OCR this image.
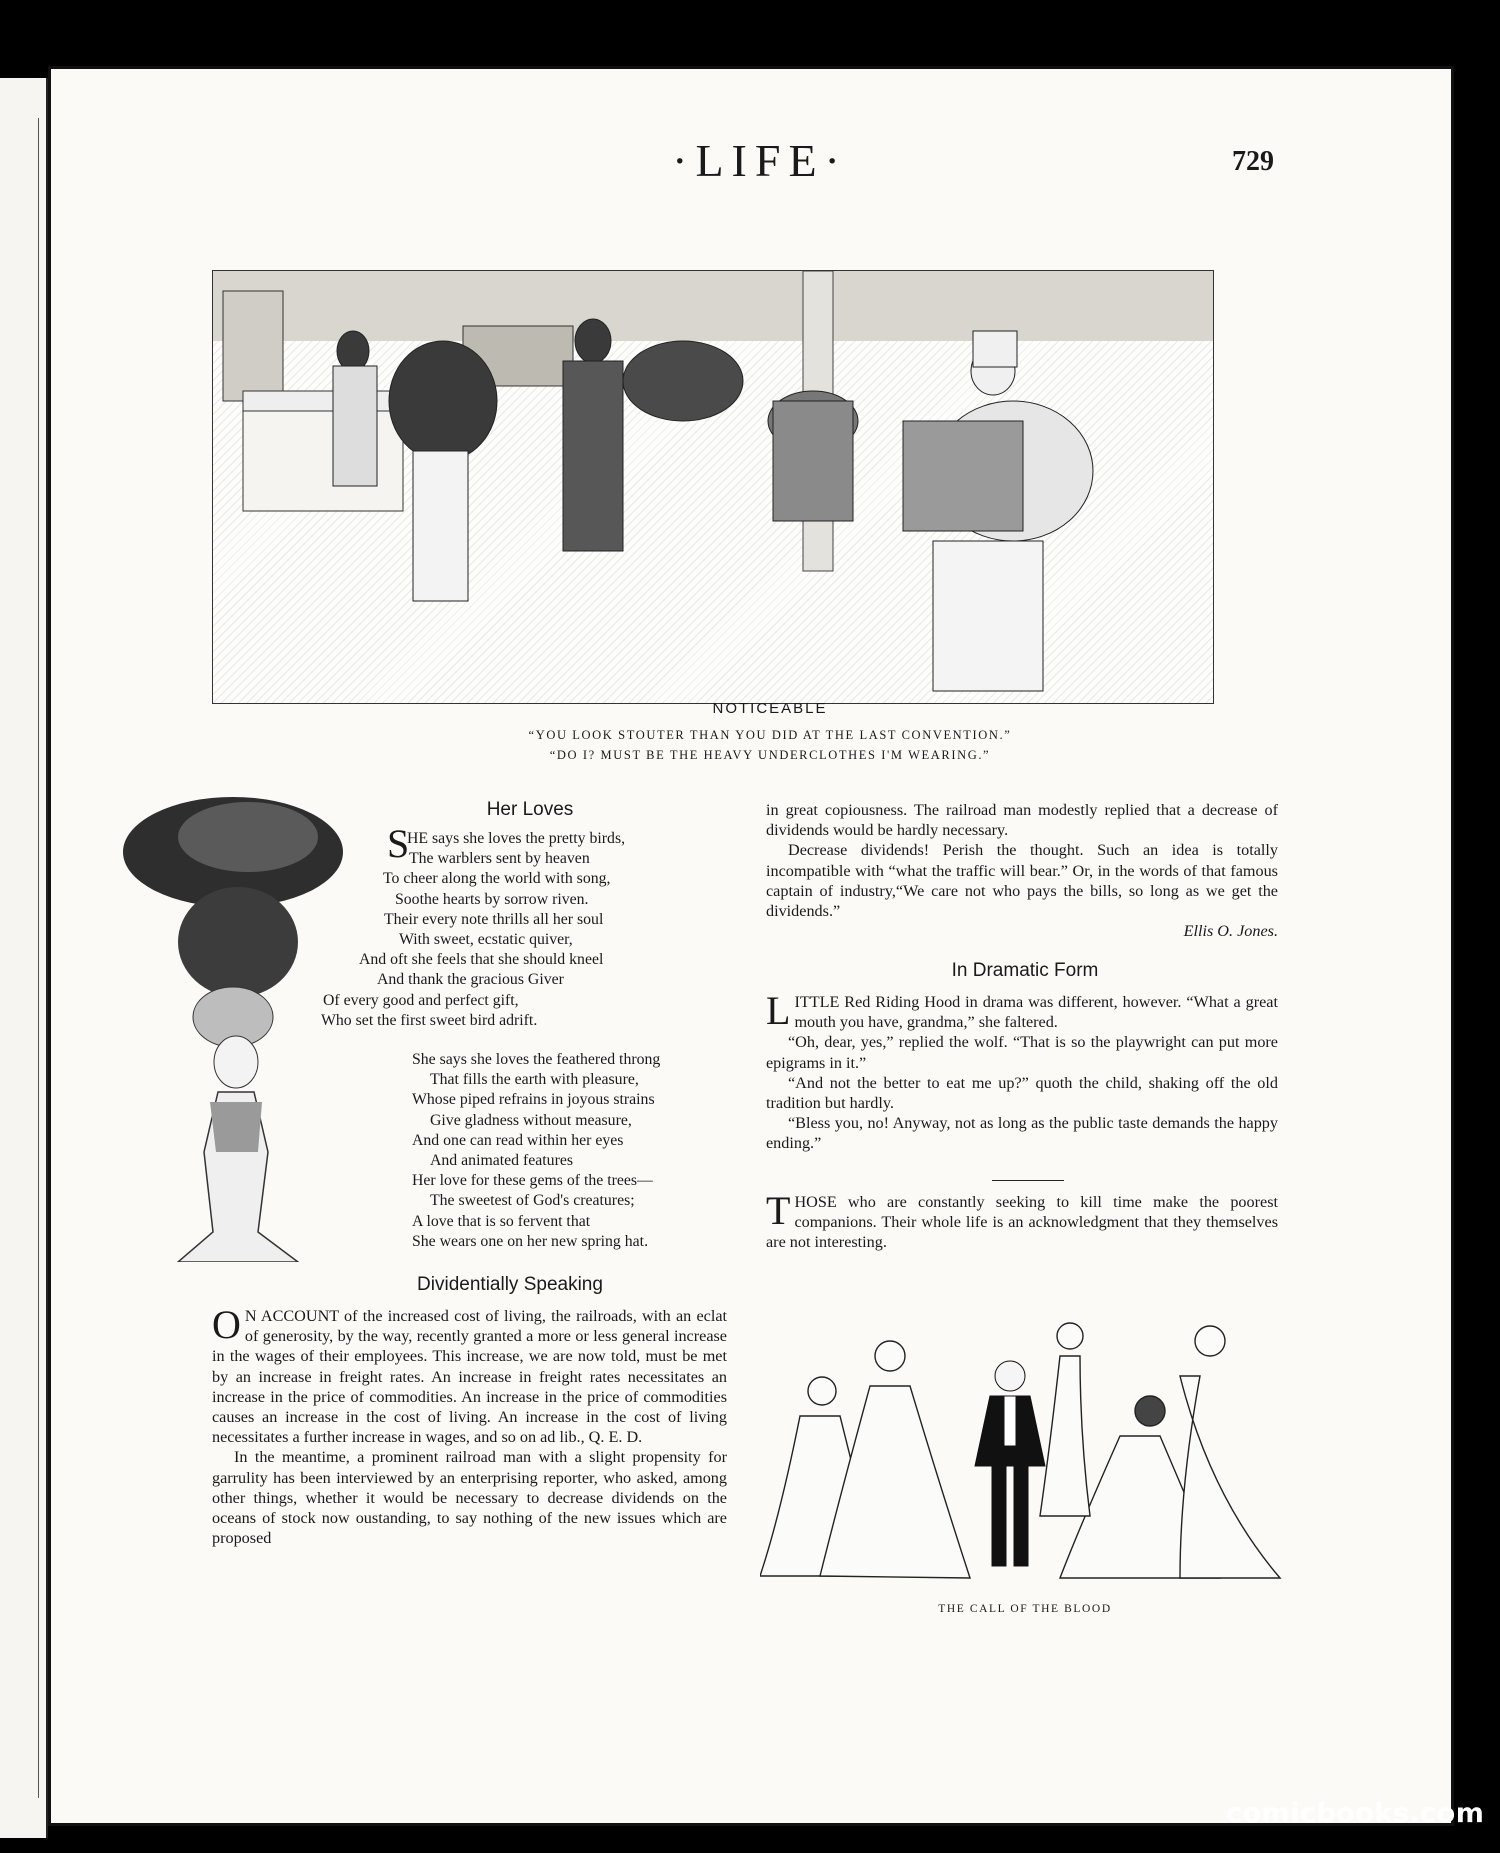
·LIFE·	729
NOTICEABLE
“YOU LOOK STOUTER THAN YOU DID AT THE LAST CONVENTION.”
“DO I? MUST BE THE HEAVY UNDERCLOTHES I'M WEARING.”
Her Loves
S
HE says she loves the pretty birds,
The warblers sent by heaven
To cheer along the world with song,
Soothe hearts by sorrow riven.
Their every note thrills all her soul
With sweet, ecstatic quiver,
And oft she feels that she should kneel
And thank the gracious Giver
Of every good and perfect gift,
Who set the first sweet bird adrift.
She says she loves the feathered throng
That fills the earth with pleasure,
Whose piped refrains in joyous strains
Give gladness without measure,
And one can read within her eyes
And animated features
Her love for these gems of the trees—
The sweetest of God's creatures;
A love that is so fervent that
She wears one on her new spring hat.
Dividentially Speaking

O N ACCOUNT of the increased cost of living, the railroads, with an eclat of generosity, by the way, recently granted a more or less general increase in the wages of their employees. This increase, we are now told, must be met by an increase in freight rates. An increase in freight rates necessitates an increase in the price of commodities. An increase in the price of commodities causes an increase in the cost of living. An increase in the cost of living necessitates a further increase in wages, and so on ad lib., Q. E. D.

In the meantime, a prominent railroad man with a slight propensity for garrulity has been interviewed by an enterprising reporter, who asked, among other things, whether it would be necessary to decrease dividends on the oceans of stock now oustanding, to say nothing of the new issues which are proposed

in great copiousness. The railroad man modestly replied that a decrease of dividends would be hardly necessary.

Decrease dividends! Perish the thought. Such an idea is totally incompatible with “what the traffic will bear.” Or, in the words of that famous captain of industry,“We care not who pays the bills, so long as we get the dividends.”

Ellis O. Jones.

In Dramatic Form

LITTLE Red Riding Hood in drama was different, however. “What a great mouth you have, grandma,” she faltered.

“Oh, dear, yes,” replied the wolf. “That is so the playwright can put more epigrams in it.”

“And not the better to eat me up?” quoth the child, shaking off the old tradition but hardly.

“Bless you, no! Anyway, not as long as the public taste demands the happy ending.”

THOSE who are constantly seeking to kill time make the poorest companions. Their whole life is an acknowledgment that they themselves are not interesting.

THE CALL OF THE BLOOD
comicbooks.com
